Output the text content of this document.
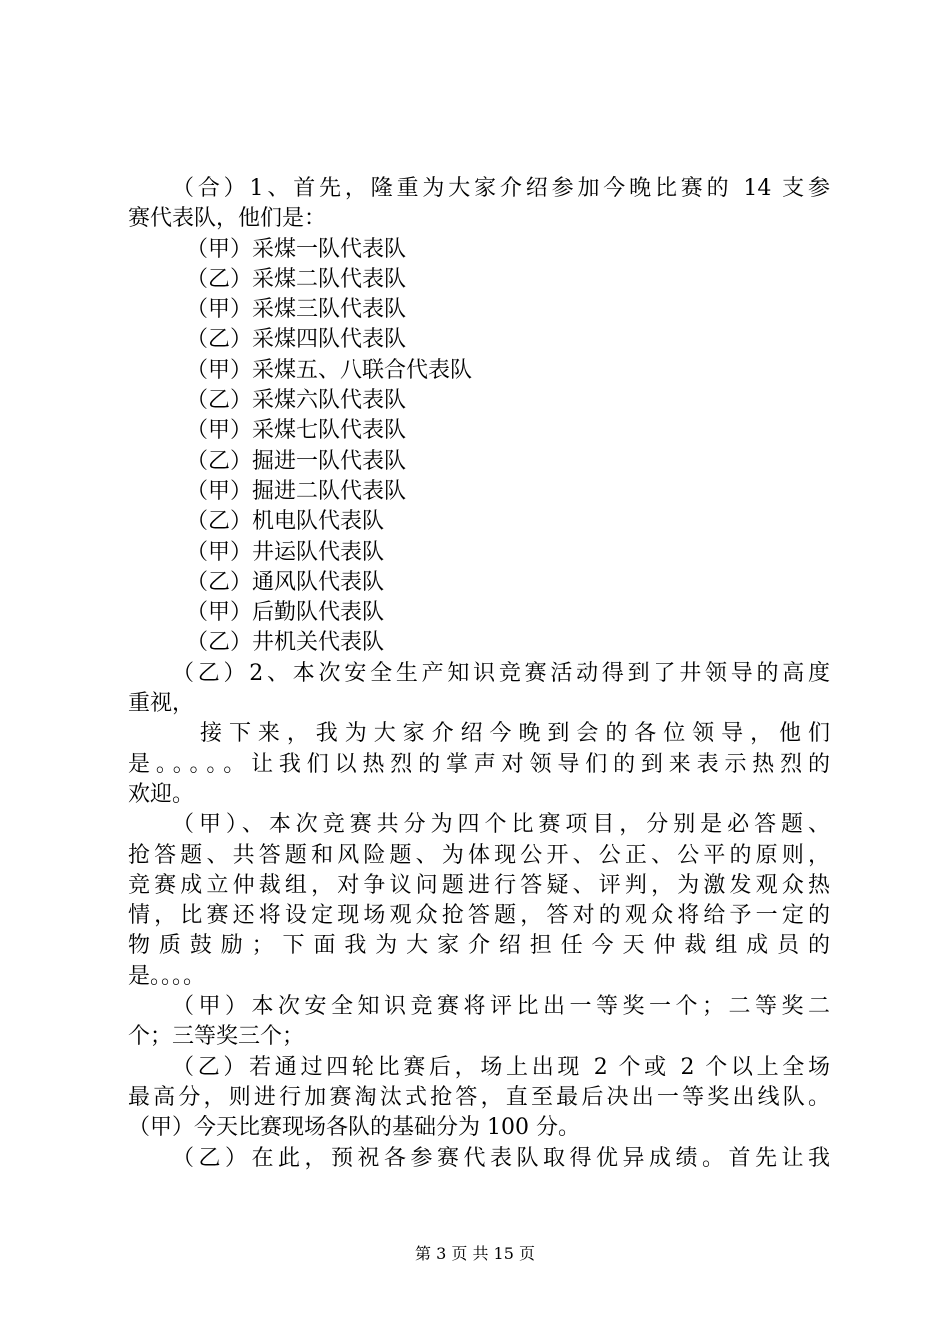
（合）1、首先，隆重为大家介绍参加今晚比赛的 14 支参

赛代表队，他们是：

（甲）采煤一队代表队

（乙）采煤二队代表队

（甲）采煤三队代表队

（乙）采煤四队代表队

（甲）采煤五、八联合代表队

（乙）采煤六队代表队

（甲）采煤七队代表队

（乙）掘进一队代表队

（甲）掘进二队代表队

（乙）机电队代表队

（甲）井运队代表队

（乙）通风队代表队

（甲）后勤队代表队

（乙）井机关代表队

（乙）2、本次安全生产知识竞赛活动得到了井领导的高度

重视，

接下来，我为大家介绍今晚到会的各位领导，他们

是。。。。。让我们以热烈的掌声对领导们的到来表示热烈的

欢迎。

（甲）、本次竞赛共分为四个比赛项目，分别是必答题、

抢答题、共答题和风险题、为体现公开、公正、公平的原则，

竞赛成立仲裁组，对争议问题进行答疑、评判，为激发观众热

情，比赛还将设定现场观众抢答题，答对的观众将给予一定的

物质鼓励；下面我为大家介绍担任今天仲裁组成员的

是。。。。

（甲）本次安全知识竞赛将评比出一等奖一个；二等奖二

个；三等奖三个；

（乙）若通过四轮比赛后，场上出现 2 个或 2 个以上全场

最高分，则进行加赛淘汰式抢答，直至最后决出一等奖出线队。

（甲）今天比赛现场各队的基础分为 100 分。

（乙）在此，预祝各参赛代表队取得优异成绩。首先让我

第 3 页 共 15 页
